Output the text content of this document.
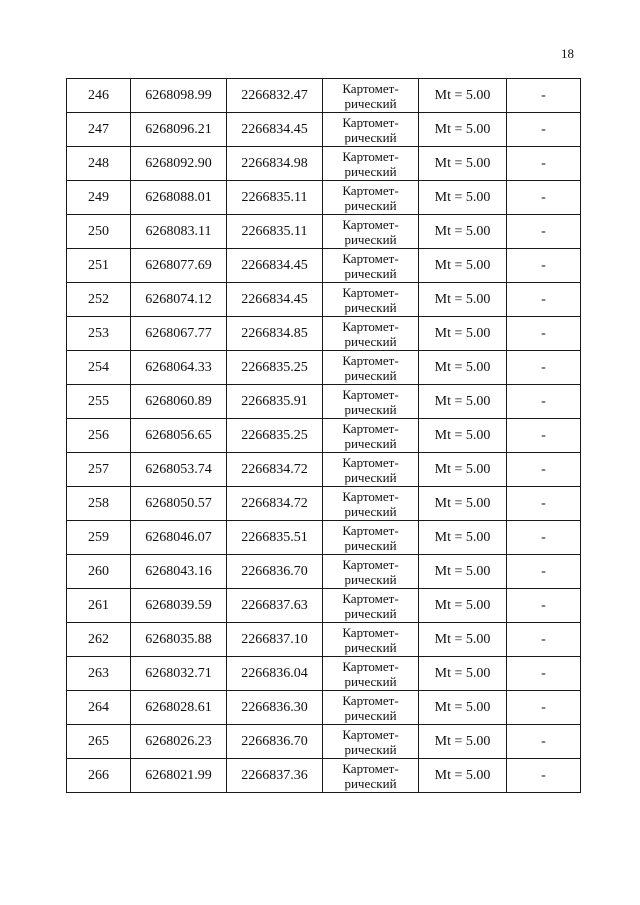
18
246	6268098.99	2266832.47	Картомет-
рический	Mt = 5.00	-
247	6268096.21	2266834.45	Картомет-
рический	Mt = 5.00	-
248	6268092.90	2266834.98	Картомет-
рический	Mt = 5.00	-
249	6268088.01	2266835.11	Картомет-
рический	Mt = 5.00	-
250	6268083.11	2266835.11	Картомет-
рический	Mt = 5.00	-
251	6268077.69	2266834.45	Картомет-
рический	Mt = 5.00	-
252	6268074.12	2266834.45	Картомет-
рический	Mt = 5.00	-
253	6268067.77	2266834.85	Картомет-
рический	Mt = 5.00	-
254	6268064.33	2266835.25	Картомет-
рический	Mt = 5.00	-
255	6268060.89	2266835.91	Картомет-
рический	Mt = 5.00	-
256	6268056.65	2266835.25	Картомет-
рический	Mt = 5.00	-
257	6268053.74	2266834.72	Картомет-
рический	Mt = 5.00	-
258	6268050.57	2266834.72	Картомет-
рический	Mt = 5.00	-
259	6268046.07	2266835.51	Картомет-
рический	Mt = 5.00	-
260	6268043.16	2266836.70	Картомет-
рический	Mt = 5.00	-
261	6268039.59	2266837.63	Картомет-
рический	Mt = 5.00	-
262	6268035.88	2266837.10	Картомет-
рический	Mt = 5.00	-
263	6268032.71	2266836.04	Картомет-
рический	Mt = 5.00	-
264	6268028.61	2266836.30	Картомет-
рический	Mt = 5.00	-
265	6268026.23	2266836.70	Картомет-
рический	Mt = 5.00	-
266	6268021.99	2266837.36	Картомет-
рический	Mt = 5.00	-
